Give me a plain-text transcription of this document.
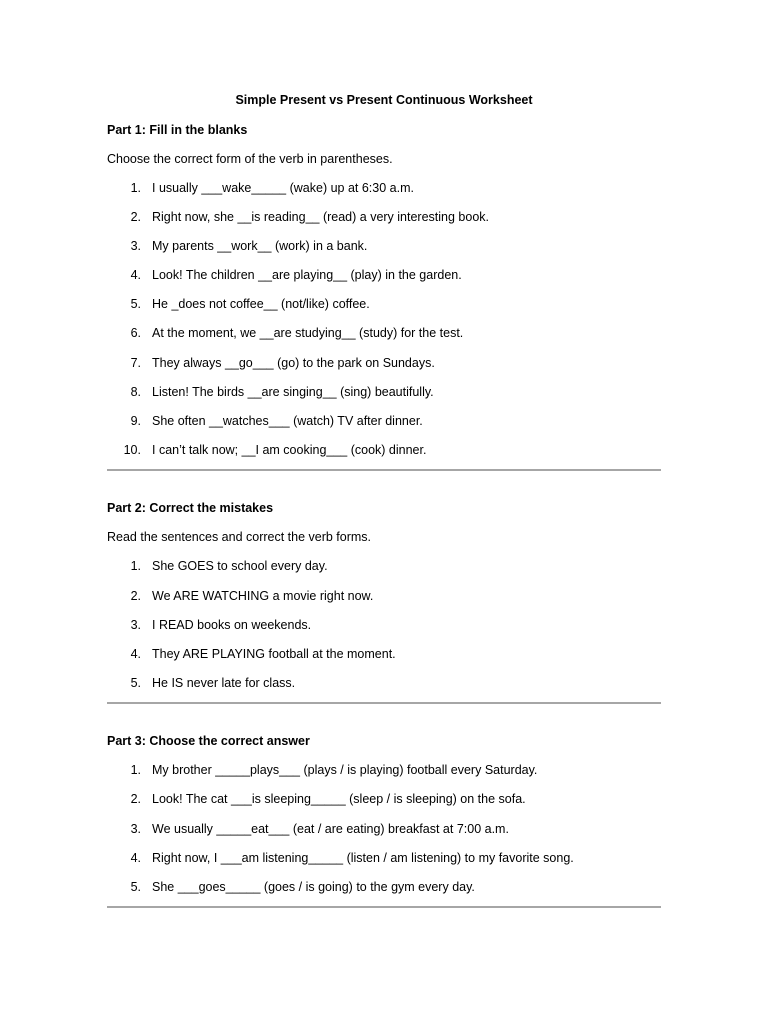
Simple Present vs Present Continuous Worksheet
Part 1: Fill in the blanks
Choose the correct form of the verb in parentheses.
1. I usually ___wake_____ (wake) up at 6:30 a.m.
2. Right now, she __is reading__ (read) a very interesting book.
3. My parents __work__ (work) in a bank.
4. Look! The children __are playing__ (play) in the garden.
5. He _does not coffee__ (not/like) coffee.
6. At the moment, we __are studying__ (study) for the test.
7. They always __go___ (go) to the park on Sundays.
8. Listen! The birds __are singing__ (sing) beautifully.
9. She often __watches___ (watch) TV after dinner.
10. I can’t talk now; __I am cooking___ (cook) dinner.
Part 2: Correct the mistakes
Read the sentences and correct the verb forms.
1. She GOES to school every day.
2. We ARE WATCHING a movie right now.
3. I READ books on weekends.
4. They ARE PLAYING football at the moment.
5. He IS never late for class.
Part 3: Choose the correct answer
1. My brother _____plays___ (plays / is playing) football every Saturday.
2. Look! The cat ___is sleeping_____ (sleep / is sleeping) on the sofa.
3. We usually _____eat___ (eat / are eating) breakfast at 7:00 a.m.
4. Right now, I ___am listening_____ (listen / am listening) to my favorite song.
5. She ___goes_____ (goes / is going) to the gym every day.
